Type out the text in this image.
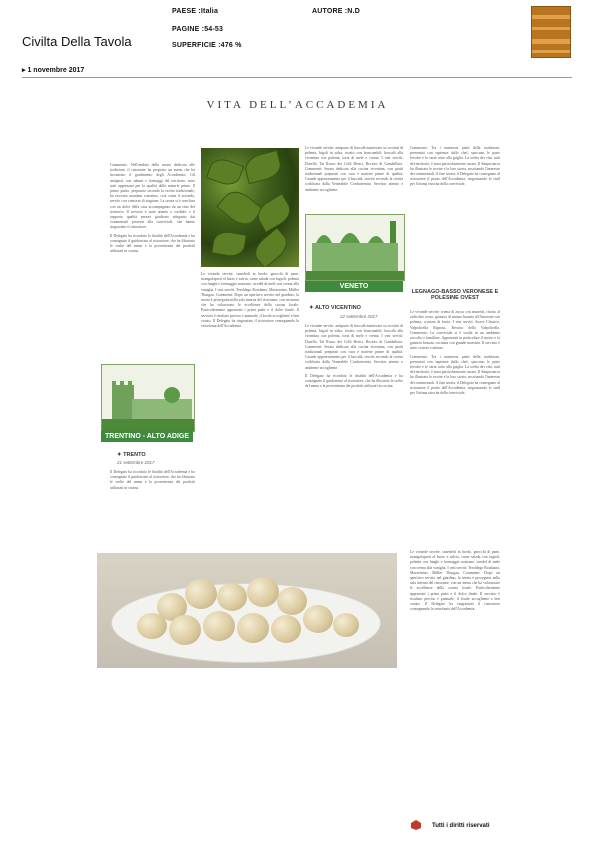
Civilta Della Tavola
PAESE :Italia
PAGINE :54-53
SUPERFICIE :476 %
AUTORE :N.D
▸ 1 novembre 2017
VITA DELL’ACCADEMIA

Commento. Nell'ambito della serata dedicata alle tradizioni, il ristorante ha proposto un menu che ha incontrato il gradimento degli Accademici. Gli antipasti, con salumi e formaggi del territorio, sono stati apprezzati per la qualità delle materie prime. Il primo piatto, preparato secondo la ricetta tradizionale, ha ricevuto unanime consenso, così come il secondo, servito con contorni di stagione. La serata si è conclusa con un dolce della casa accompagnato da un vino del territorio. Il servizio è stato attento e cordiale, e il rapporto qualità prezzo giudicato adeguato dai commensali presenti alla conviviale, che hanno ringraziato il ristoratore.

Il Delegato ha ricordato le finalità dell'Accademia e ha consegnato il guidoncino al ristoratore, che ha illustrato le scelte del menu e la provenienza dei prodotti utilizzati in cucina.

TRENTINO - ALTO ADIGE
✦ TRENTO
21 settembre 2017

Il Delegato ha ricordato le finalità dell'Accademia e ha consegnato il guidoncino al ristoratore, che ha illustrato le scelte del menu e la provenienza dei prodotti utilizzati in cucina.

Le vivande servite: canederli in brodo, gnocchi di pane, strangolapreti al burro e salvia, carne salada con fagioli, polenta con funghi e formaggio nostrano, strudel di mele con crema alla vaniglia. I vini serviti: Teroldego Rotaliano, Marzemino, Müller Thurgau. Commenti: Dopo un aperitivo servito nel giardino, la serata è proseguita nella sala interna del ristorante, con un menu che ha valorizzato le eccellenze della cucina locale. Particolarmente apprezzati i primi piatti e il dolce finale. Il servizio è risultato preciso e puntuale, il locale accogliente e ben curato. Il Delegato ha ringraziato il ristoratore consegnando la vetrofania dell'Accademia.

Le vivande servite: antipasto di baccalà mantecato su crostini di polenta, bigoli in salsa, risotto con bruscandoli, baccalà alla vicentina con polenta, torta di mele e crema. I vini serviti: Durello, Tai Rosso dei Colli Berici, Recioto di Gambellara. Commenti: Serata dedicata alla cucina vicentina, con piatti tradizionali preparati con cura e materie prime di qualità. Grande apprezzamento per il baccalà, servito secondo la ricetta codificata dalla Venerabile Confraternita. Servizio attento e ambiente accogliente.

VENETO
✦ ALTO VICENTINO
22 settembre 2017

Le vivande servite: antipasto di baccalà mantecato su crostini di polenta, bigoli in salsa, risotto con bruscandoli, baccalà alla vicentina con polenta, torta di mele e crema. I vini serviti: Durello, Tai Rosso dei Colli Berici, Recioto di Gambellara. Commenti: Serata dedicata alla cucina vicentina, con piatti tradizionali preparati con cura e materie prime di qualità. Grande apprezzamento per il baccalà, servito secondo la ricetta codificata dalla Venerabile Confraternita. Servizio attento e ambiente accogliente.

Il Delegato ha ricordato le finalità dell'Accademia e ha consegnato il guidoncino al ristoratore, che ha illustrato le scelte del menu e la provenienza dei prodotti utilizzati in cucina.

Commento. Tra i numerosi piatti della tradizione, presentati con sapienza dallo chef, spiccano le paste fresche e le carni cotte alla griglia. La scelta dei vini, tutti del territorio, è stata particolarmente curata. Il Simposiarca ha illustrato le ricette e la loro storia, suscitando l'interesse dei commensali. A fine serata, il Delegato ha consegnato al ristoratore il piatto dell'Accademia, ringraziando lo staff per l'ottima riuscita della conviviale.

LEGNAGO-BASSO VERONESE E POLESINE OVEST

Le vivande servite: crema di zucca con amaretti, risotto al radicchio rosso, guancia di manzo brasata all'Amarone con polenta, crostata di frutta. I vini serviti: Soave Classico, Valpolicella Ripasso, Recioto della Valpolicella. Commento: La conviviale si è svolta in un ambiente raccolto e familiare. Apprezzati in particolare il risotto e la guancia brasata, cucinata con grande maestria. Il servizio è stato cortese e attento.

Commento. Tra i numerosi piatti della tradizione, presentati con sapienza dallo chef, spiccano le paste fresche e le carni cotte alla griglia. La scelta dei vini, tutti del territorio, è stata particolarmente curata. Il Simposiarca ha illustrato le ricette e la loro storia, suscitando l'interesse dei commensali. A fine serata, il Delegato ha consegnato al ristoratore il piatto dell'Accademia, ringraziando lo staff per l'ottima riuscita della conviviale.

Le vivande servite: canederli in brodo, gnocchi di pane, strangolapreti al burro e salvia, carne salada con fagioli, polenta con funghi e formaggio nostrano, strudel di mele con crema alla vaniglia. I vini serviti: Teroldego Rotaliano, Marzemino, Müller Thurgau. Commenti: Dopo un aperitivo servito nel giardino, la serata è proseguita nella sala interna del ristorante, con un menu che ha valorizzato le eccellenze della cucina locale. Particolarmente apprezzati i primi piatti e il dolce finale. Il servizio è risultato preciso e puntuale, il locale accogliente e ben curato. Il Delegato ha ringraziato il ristoratore consegnando la vetrofania dell'Accademia.

Tutti i diritti riservati
